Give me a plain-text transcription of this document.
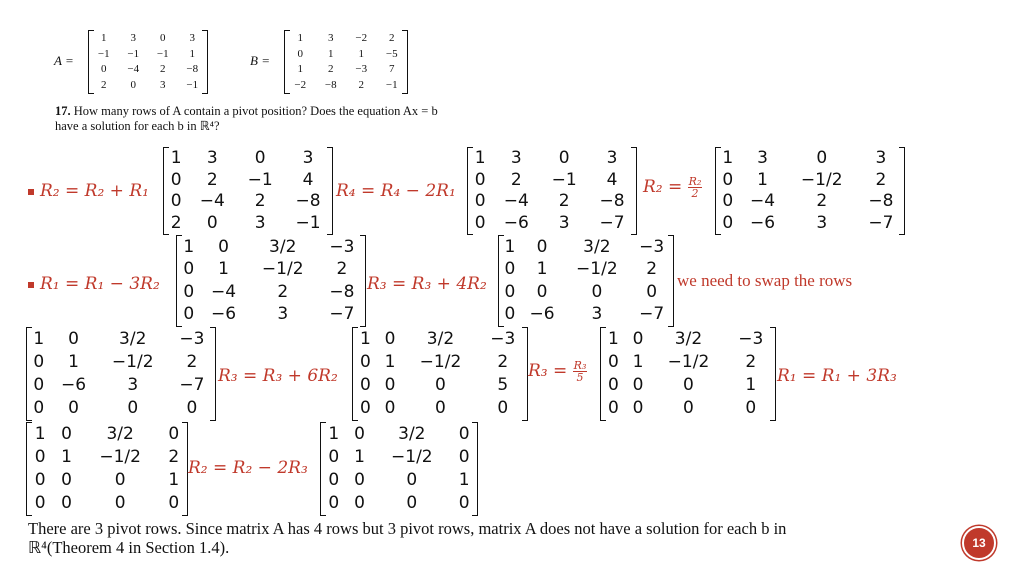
A =
1	3	0	3
−1	−1	−1	1
0	−4	2	−8
2	0	3	−1
B =
1	3	−2	2
0	1	1	−5
1	2	−3	7
−2	−8	2	−1
17. How many rows of A contain a pivot position? Does the equation Ax = b have a solution for each b in ℝ⁴?
R₂ = R₂ + R₁
1	3	0	3
0	2	−1	4
0	−4	2	−8
2	0	3	−1
R₄ = R₄ − 2R₁
1	3	0	3
0	2	−1	4
0	−4	2	−8
0	−6	3	−7
$R_2 = \frac{\text{R₂}}{2}$
1	3	0	3
0	1	−1/2	2
0	−4	2	−8
0	−6	3	−7
R₁ = R₁ − 3R₂
1	0	3/2	−3
0	1	−1/2	2
0	−4	2	−8
0	−6	3	−7
R₃ = R₃ + 4R₂
1	0	3/2	−3
0	1	−1/2	2
0	0	0	0
0	−6	3	−7
we need to swap the rows
1	0	3/2	−3
0	1	−1/2	2
0	−6	3	−7
0	0	0	0
R₃ = R₃ + 6R₂
1	0	3/2	−3
0	1	−1/2	2
0	0	0	5
0	0	0	0
$R_3 = \frac{\text{R₃}}{5}$
1	0	3/2	−3
0	1	−1/2	2
0	0	0	1
0	0	0	0
R₁ = R₁ + 3R₃
1	0	3/2	0
0	1	−1/2	2
0	0	0	1
0	0	0	0
R₂ = R₂ − 2R₃
1	0	3/2	0
0	1	−1/2	0
0	0	0	1
0	0	0	0
There are 3 pivot rows. Since matrix A has 4 rows but 3 pivot rows, matrix A does not have a solution for each b in
ℝ⁴(Theorem 4 in Section 1.4).	13
